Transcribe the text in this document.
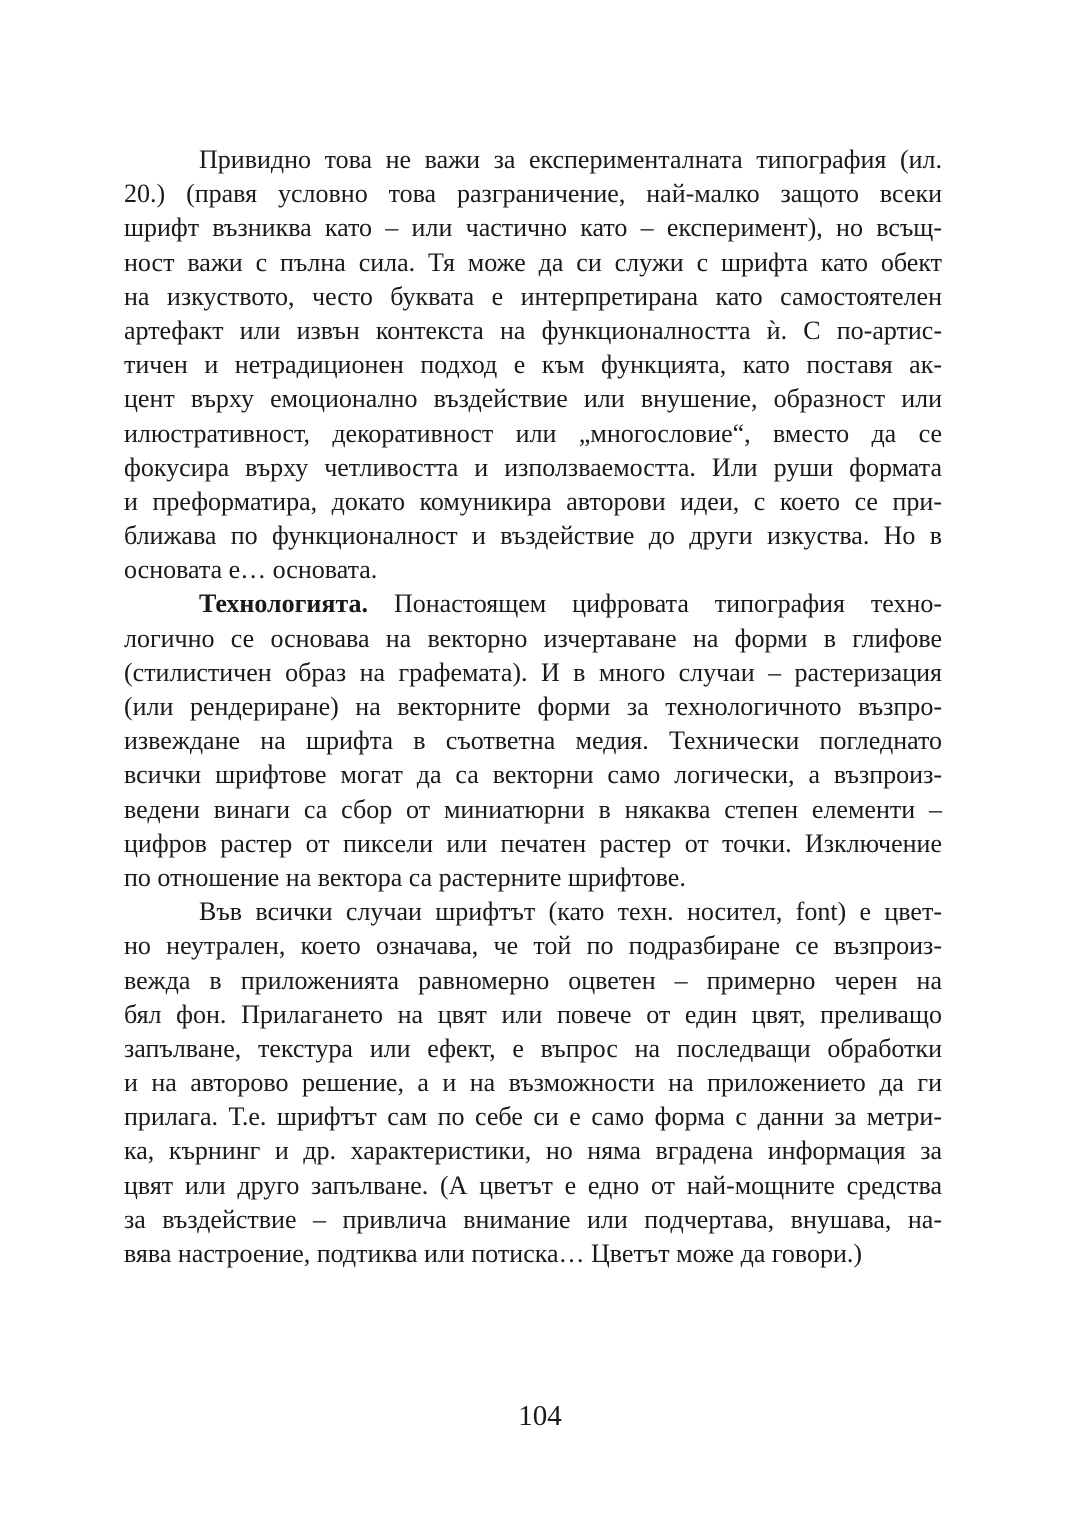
Привидно това не важи за експерименталната типография (ил.
20.) (правя условно това разграничение, най-малко защото всеки
шрифт възниква като – или частично като – експеримент), но всъщ-
ност важи с пълна сила. Тя може да си служи с шрифта като обект
на изкуството, често буквата е интерпретирана като самостоятелен
артефакт или извън контекста на функционалността ѝ. С по-артис-
тичен и нетрадиционен подход е към функцията, като поставя ак-
цент върху емоционално въздействие или внушение, образност или
илюстративност, декоративност или „многословие“, вместо да се
фокусира върху четливостта и използваемостта. Или руши формата
и преформатира, докато комуникира авторови идеи, с което се при-
ближава по функционалност и въздействие до други изкуства. Но в
основата е… основата.
Технологията. Понастоящем цифровата типография техно-
логично се основава на векторно изчертаване на форми в глифове
(стилистичен образ на графемата). И в много случаи – растеризация
(или рендериране) на векторните форми за технологичното възпро-
извеждане на шрифта в съответна медия. Технически погледнато
всички шрифтове могат да са векторни само логически, а възпроиз-
ведени винаги са сбор от миниатюрни в някаква степен елементи –
цифров растер от пиксели или печатен растер от точки. Изключение
по отношение на вектора са растерните шрифтове.
Във всички случаи шрифтът (като техн. носител, font) е цвет-
но неутрален, което означава, че той по подразбиране се възпроиз-
вежда в приложенията равномерно оцветен – примерно черен на
бял фон. Прилагането на цвят или повече от един цвят, преливащо
запълване, текстура или ефект, е въпрос на последващи обработки
и на авторово решение, а и на възможности на приложението да ги
прилага. Т.е. шрифтът сам по себе си е само форма с данни за метри-
ка, кърнинг и др. характеристики, но няма вградена информация за
цвят или друго запълване. (А цветът е едно от най-мощните средства
за въздействие – привлича внимание или подчертава, внушава, на-
вява настроение, подтиква или потиска… Цветът може да говори.)
104
